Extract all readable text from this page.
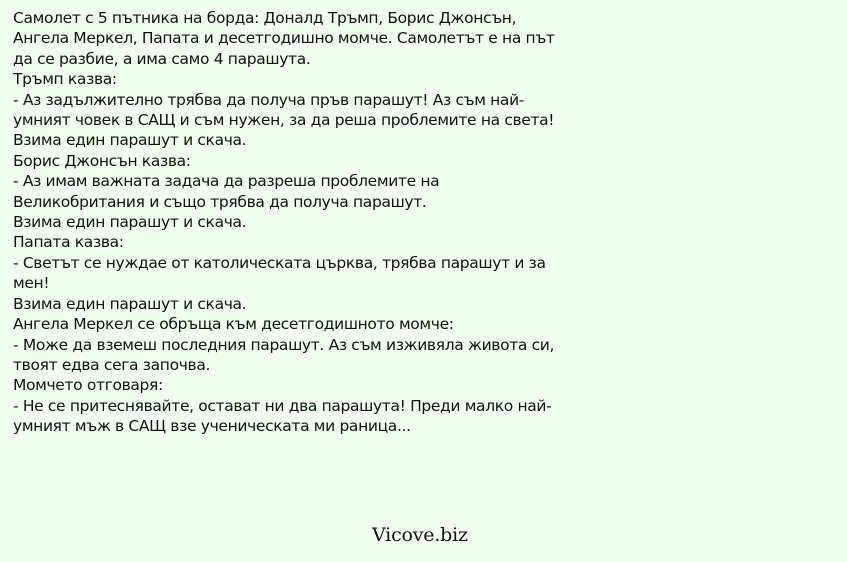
Самолет с 5 пътника на борда: Доналд Тръмп, Борис Джонсън, Ангела Меркел, Папата и десетгодишно момче. Самолетът е на път да се разбие, а има само 4 парашута.

Тръмп казва:

- Аз задължително трябва да получа пръв парашут! Аз съм най-умният човек в САЩ и съм нужен, за да реша проблемите на света!

Взима един парашут и скача.

Борис Джонсън казва:

- Аз имам важната задача да разреша проблемите на Великобритания и също трябва да получа парашут.

Взима един парашут и скача.

Папата казва:

- Светът се нуждае от католическата църква, трябва парашут и за мен!

Взима един парашут и скача.

Ангела Меркел се обръща към десетгодишното момче:

- Може да вземеш последния парашут. Аз съм изживяла живота си, твоят едва сега започва.

Момчето отговаря:

- Не се притеснявайте, остават ни два парашута! Преди малко най-умният мъж в САЩ взе ученическата ми раница...

Vicove.biz
